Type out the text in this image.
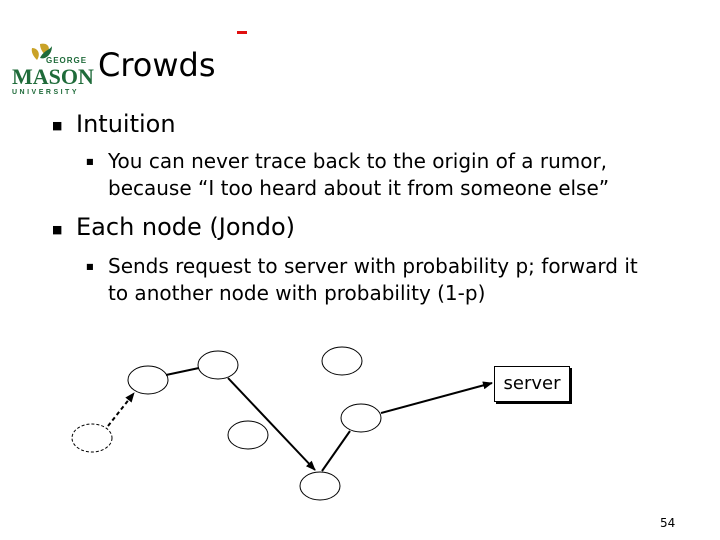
GEORGE
MASON
UNIVERSITY
Crowds
■ Intuition
■ You can never trace back to the origin of a rumor,
because “I too heard about it from someone else”
■ Each node (Jondo)
■ Sends request to server with probability p; forward it
to another node with probability (1-p)
server
54
